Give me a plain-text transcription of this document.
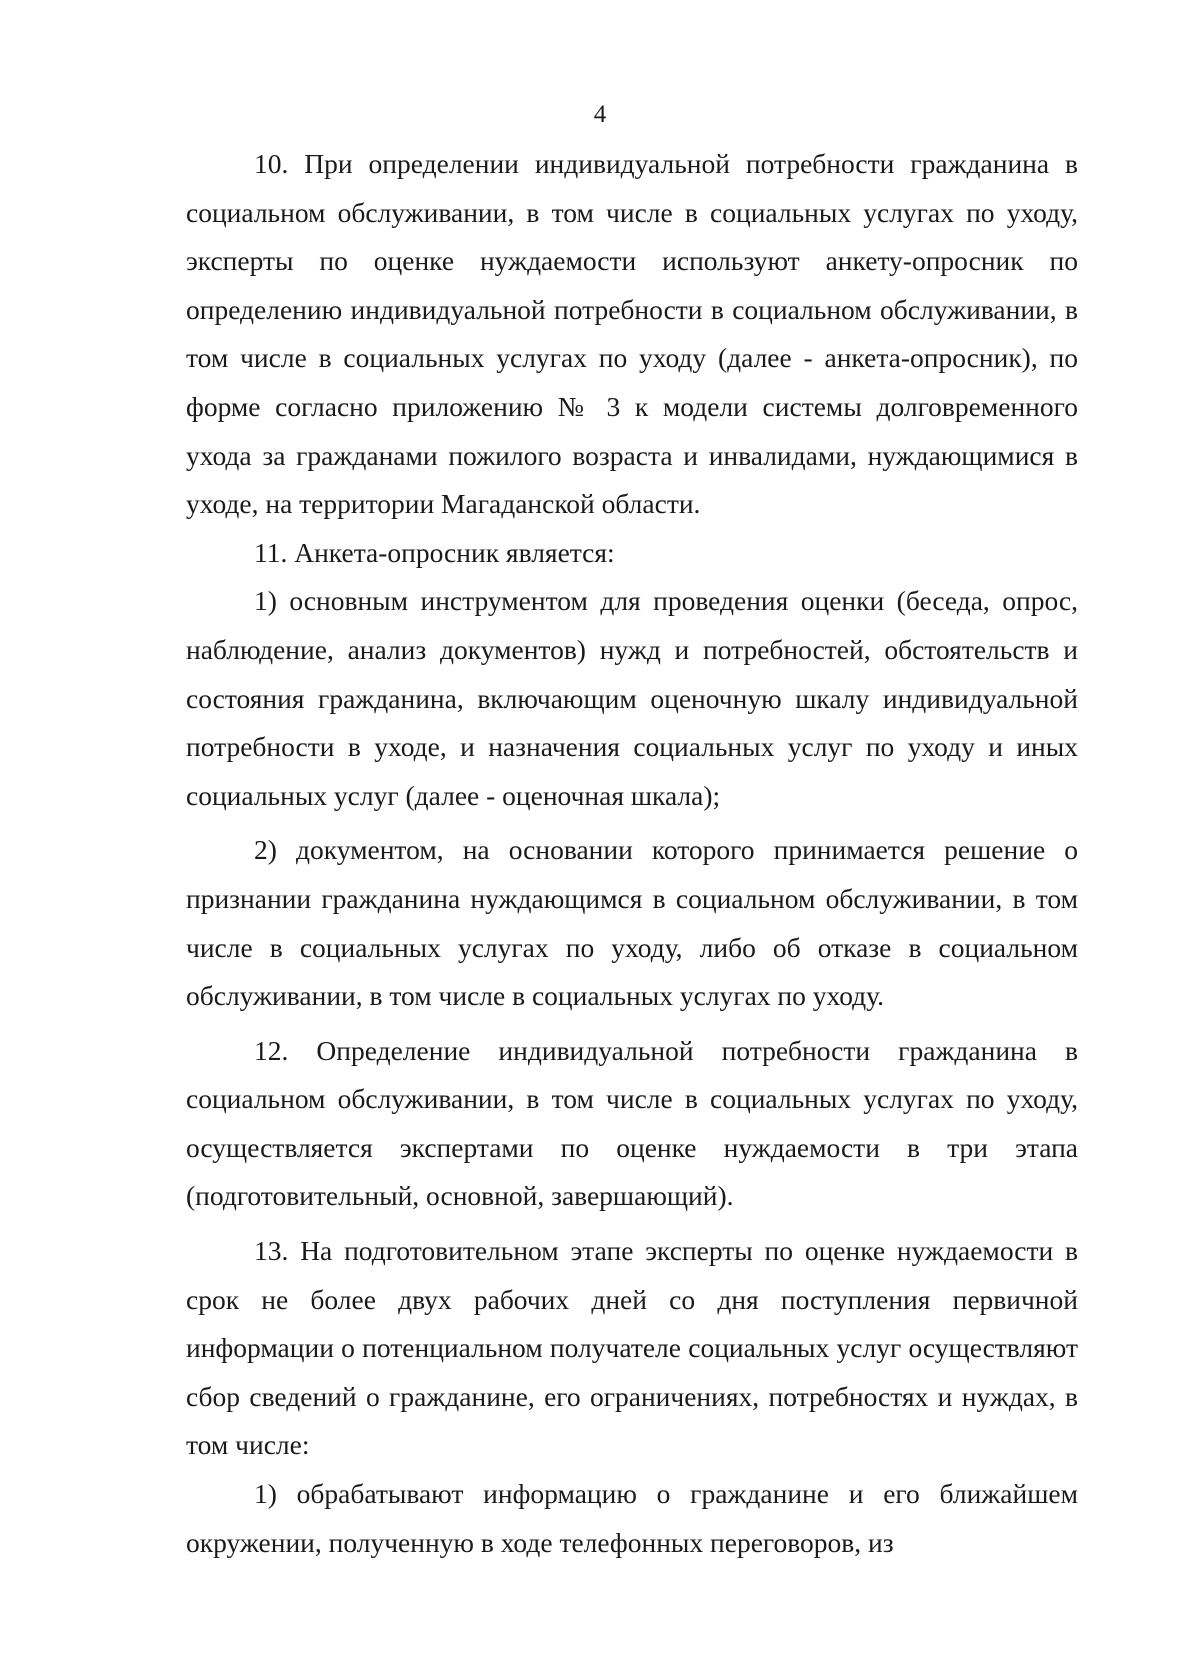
4

10. При определении индивидуальной потребности гражданина в социальном обслуживании, в том числе в социальных услугах по уходу, эксперты по оценке нуждаемости используют анкету-опросник по определению индивидуальной потребности в социальном обслуживании, в том числе в социальных услугах по уходу (далее - анкета-опросник), по форме согласно приложению № 3 к модели системы долговременного ухода за гражданами пожилого возраста и инвалидами, нуждающимися в уходе, на территории Магаданской области.

11. Анкета-опросник является:

1) основным инструментом для проведения оценки (беседа, опрос, наблюдение, анализ документов) нужд и потребностей, обстоятельств и состояния гражданина, включающим оценочную шкалу индивидуальной потребности в уходе, и назначения социальных услуг по уходу и иных социальных услуг (далее - оценочная шкала);

2) документом, на основании которого принимается решение о признании гражданина нуждающимся в социальном обслуживании, в том числе в социальных услугах по уходу, либо об отказе в социальном обслуживании, в том числе в социальных услугах по уходу.

12. Определение индивидуальной потребности гражданина в социальном обслуживании, в том числе в социальных услугах по уходу, осуществляется экспертами по оценке нуждаемости в три этапа (подготовительный, основной, завершающий).

13. На подготовительном этапе эксперты по оценке нуждаемости в срок не более двух рабочих дней со дня поступления первичной информации о потенциальном получателе социальных услуг осуществляют сбор сведений о гражданине, его ограничениях, потребностях и нуждах, в том числе:

1) обрабатывают информацию о гражданине и его ближайшем окружении, полученную в ходе телефонных переговоров, из
